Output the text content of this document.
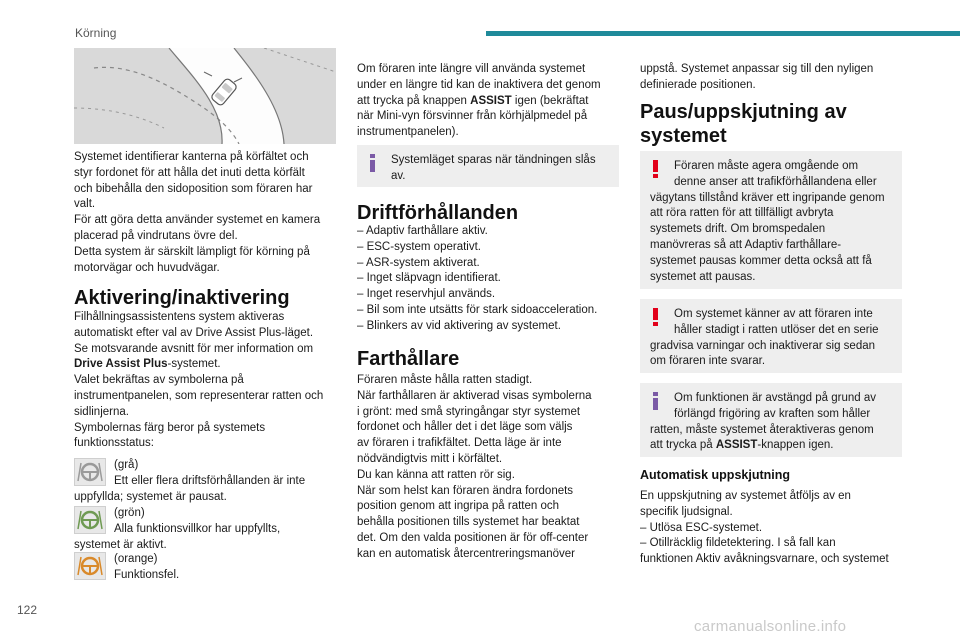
Körning
Systemet identifierar kanterna på körfältet och
styr fordonet för att hålla det inuti detta körfält
och bibehålla den sidoposition som föraren har
valt.
För att göra detta använder systemet en kamera
placerad på vindrutans övre del.
Detta system är särskilt lämpligt för körning på
motorvägar och huvudvägar.
Aktivering/inaktivering
Filhållningsassistentens system aktiveras
automatiskt efter val av Drive Assist Plus-läget.
Se motsvarande avsnitt för mer information om
Drive Assist Plus-systemet.
Valet bekräftas av symbolerna på
instrumentpanelen, som representerar ratten och
sidlinjerna.
Symbolernas färg beror på systemets
funktionsstatus:
(grå)
Ett eller flera driftsförhållanden är inte
uppfyllda; systemet är pausat.
(grön)
Alla funktionsvillkor har uppfyllts,
systemet är aktivt.
(orange)
Funktionsfel.
Om föraren inte längre vill använda systemet
under en längre tid kan de inaktivera det genom
att trycka på knappen ASSIST igen (bekräftat
när Mini-vyn försvinner från körhjälpmedel på
instrumentpanelen).
Systemläget sparas när tändningen slås
av.
Driftförhållanden
– Adaptiv farthållare aktiv.
– ESC-system operativt.
– ASR-system aktiverat.
– Inget släpvagn identifierat.
– Inget reservhjul används.
– Bil som inte utsätts för stark sidoacceleration.
– Blinkers av vid aktivering av systemet.
Farthållare
Föraren måste hålla ratten stadigt.
När farthållaren är aktiverad visas symbolerna
i grönt: med små styringångar styr systemet
fordonet och håller det i det läge som väljs
av föraren i trafikfältet. Detta läge är inte
nödvändigtvis mitt i körfältet.
Du kan känna att ratten rör sig.
När som helst kan föraren ändra fordonets
position genom att ingripa på ratten och
behålla positionen tills systemet har beaktat
det. Om den valda positionen är för off-center
kan en automatisk återcentreringsmanöver
uppstå. Systemet anpassar sig till den nyligen
definierade positionen.
Paus/uppskjutning av
systemet
Föraren måste agera omgående om
denne anser att trafikförhållandena eller
vägytans tillstånd kräver ett ingripande genom
att röra ratten för att tillfälligt avbryta
systemets drift. Om bromspedalen
manövreras så att Adaptiv farthållare-
systemet pausas kommer detta också att få
systemet att pausas.
Om systemet känner av att föraren inte
håller stadigt i ratten utlöser det en serie
gradvisa varningar och inaktiverar sig sedan
om föraren inte svarar.
Om funktionen är avstängd på grund av
förlängd frigöring av kraften som håller
ratten, måste systemet återaktiveras genom
att trycka på ASSIST-knappen igen.
Automatisk uppskjutning
En uppskjutning av systemet åtföljs av en
specifik ljudsignal.
– Utlösa ESC-systemet.
– Otillräcklig fildetektering. I så fall kan
funktionen Aktiv avåkningsvarnare, och systemet
122
carmanualsonline.info
